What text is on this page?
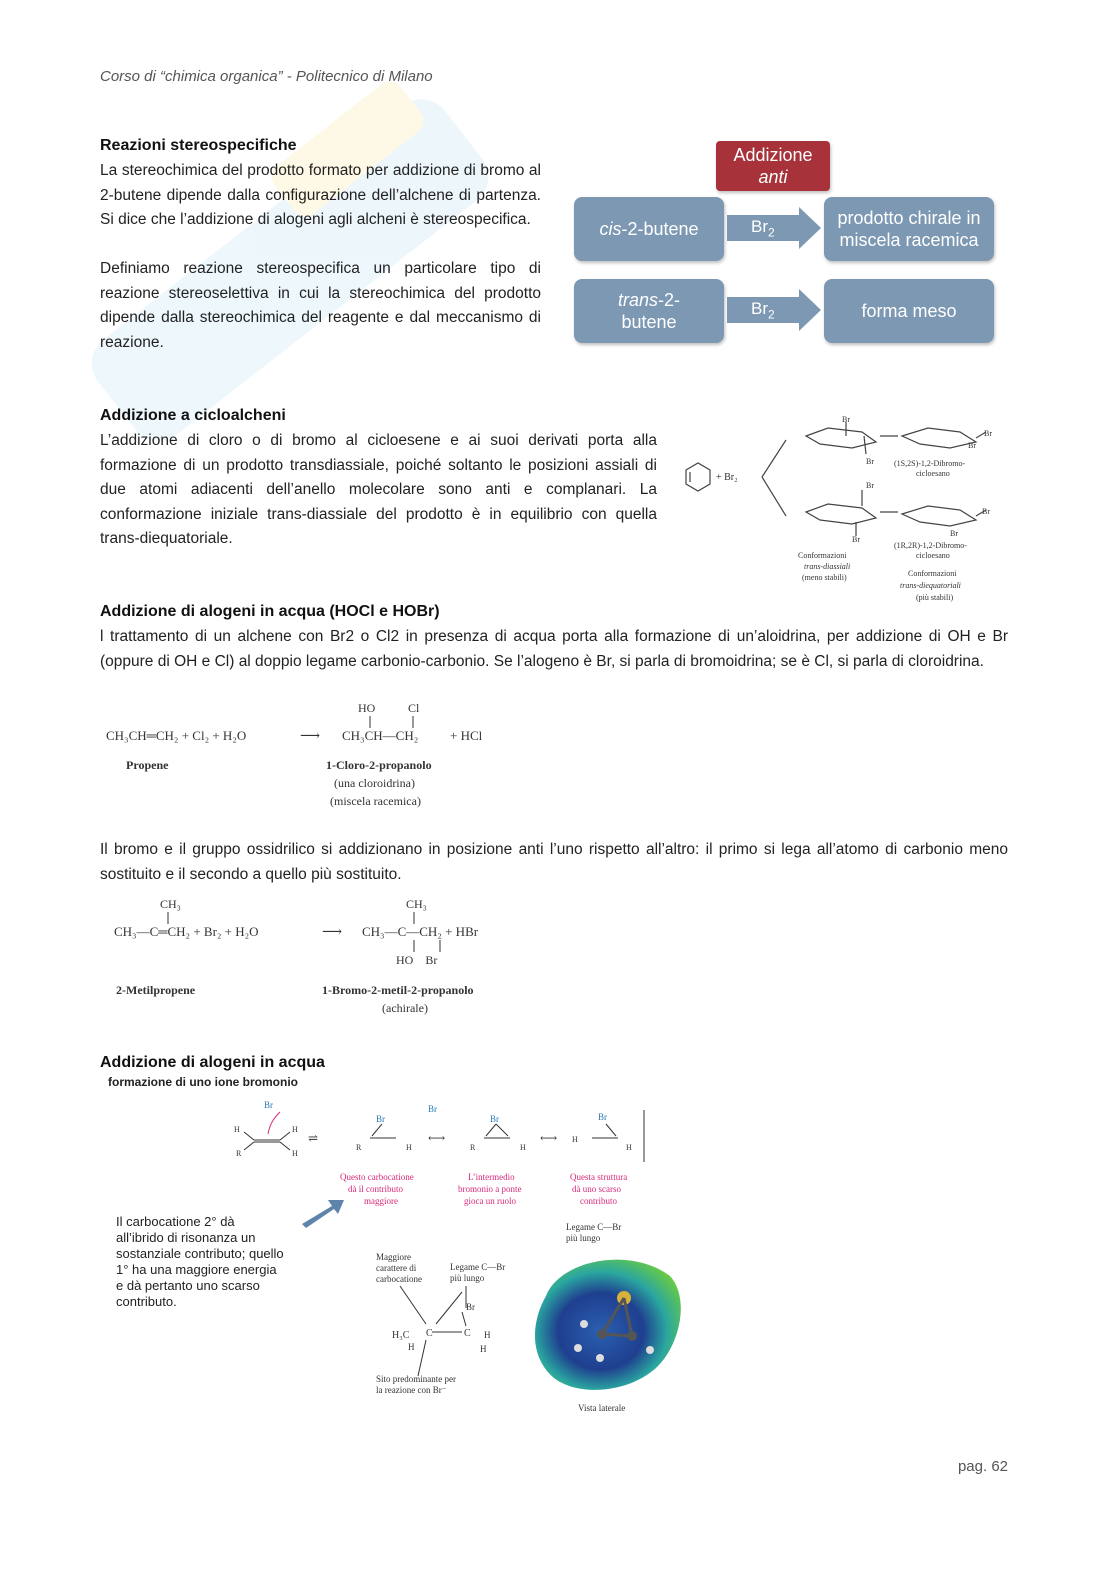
Corso di “chimica organica” - Politecnico di Milano
Reazioni stereospecifiche
La stereochimica del prodotto formato per addizione di bromo al 2-butene dipende dalla configurazione dell’alchene di partenza. Si dice che l’addizione di alogeni agli alcheni è stereospecifica.
Definiamo reazione stereospecifica un particolare tipo di reazione stereoselettiva in cui la stereochimica del prodotto dipende dalla stereochimica del reagente e dal meccanismo di reazione.
Addizione
anti
cis-2-butene
trans-2-
butene
$Br_2$
$Br_2$
prodotto chirale in miscela racemica
forma meso
Addizione a cicloalcheni
L’addizione di cloro o di bromo al cicloesene e ai suoi derivati porta alla formazione di un prodotto transdiassiale, poiché soltanto le posizioni assiali di due atomi adiacenti dell’anello molecolare sono anti e complanari. La conformazione iniziale trans-diassiale del prodotto è in equilibrio con quella trans-diequatoriale.
+ Br₂
Br
Br
Br
Br
Br
Br
Br
Br
(1S,2S)-1,2-Dibromo-
cicloesano
(1R,2R)-1,2-Dibromo-
cicloesano
Conformazioni
trans-diassiali
(meno stabili)	Conformazioni
trans-diequatoriali
(più stabili)
Addizione di alogeni in acqua (HOCl e HOBr)
l trattamento di un alchene con Br2 o Cl2 in presenza di acqua porta alla formazione di un’aloidrina, per addizione di OH e Br (oppure di OH e Cl) al doppio legame carbonio-carbonio. Se l’alogeno è Br, si parla di bromoidrina; se è Cl, si parla di cloroidrina.
CH₃CH═CH₂ + Cl₂ + H₂O	⟶
HO	Cl
CH₃CH—CH₂ + HCl
Propene	1-Cloro-2-propanolo
(una cloroidrina)
(miscela racemica)
Il bromo e il gruppo ossidrilico si addizionano in posizione anti l’uno rispetto all’altro: il primo si lega all’atomo di carbonio meno sostituito e il secondo a quello più sostituito.
CH₃
CH₃—C═CH₂ + Br₂ + H₂O	⟶
CH₃
CH₃—C—CH₂ + HBr
HO    Br
2-Metilpropene	1-Bromo-2-metil-2-propanolo
(achirale)
Addizione di alogeni in acqua
formazione di uno ione bromonio
Br
H
R
H
H
⇌
Br
Br
R	H
⟷
Br
R	H
⟷
Br
H
H
Questo carbocatione
dà il contributo
maggiore
L’intermedio
bromonio a ponte
gioca un ruolo
Questa struttura
dà uno scarso
contributo
Il carbocatione 2° dà all’ibrido di risonanza un sostanziale contributo; quello 1° ha una maggiore energia e dà pertanto uno scarso contributo.
Maggiore
carattere di
carbocatione
Legame C—Br
più lungo
Legame C—Br
più lungo
Br
H₃C C	C
H
H
H
Sito predominante per
la reazione con Br⁻
Vista laterale
pag. 62
